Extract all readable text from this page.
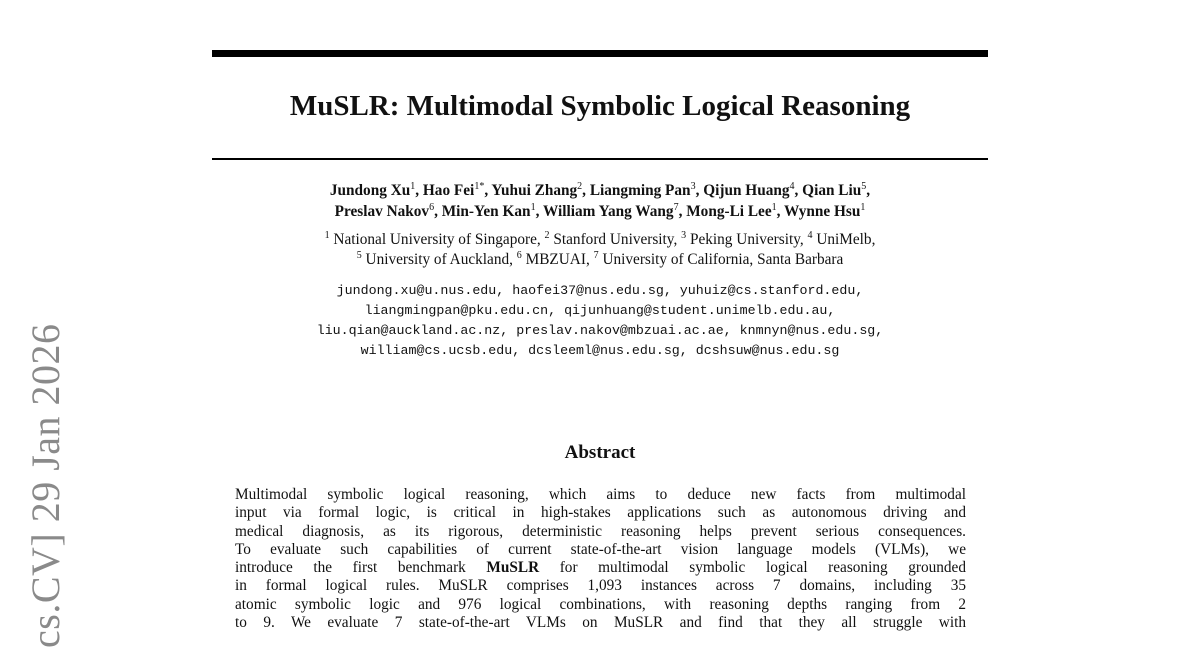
MuSLR: Multimodal Symbolic Logical Reasoning
Jundong Xu$^1$, Hao Fei$^{1*}$, Yuhui Zhang$^2$, Liangming Pan$^3$, Qijun Huang$^4$, Qian Liu$^5$,
Preslav Nakov$^6$, Min-Yen Kan$^1$, William Yang Wang$^7$, Mong-Li Lee$^1$, Wynne Hsu$^1$
$^1$ National University of Singapore, $^2$ Stanford University, $^3$ Peking University, $^4$ UniMelb,
$^5$ University of Auckland, $^6$ MBZUAI, $^7$ University of California, Santa Barbara
jundong.xu@u.nus.edu, haofei37@nus.edu.sg, yuhuiz@cs.stanford.edu,
liangmingpan@pku.edu.cn, qijunhuang@student.unimelb.edu.au,
liu.qian@auckland.ac.nz, preslav.nakov@mbzuai.ac.ae, knmnyn@nus.edu.sg,
william@cs.ucsb.edu, dcsleeml@nus.edu.sg, dcshsuw@nus.edu.sg
Abstract
Multimodal symbolic logical reasoning, which aims to deduce new facts from multimodal
input via formal logic, is critical in high-stakes applications such as autonomous driving and
medical diagnosis, as its rigorous, deterministic reasoning helps prevent serious consequences.
To evaluate such capabilities of current state-of-the-art vision language models (VLMs), we
introduce the first benchmark MuSLR for multimodal symbolic logical reasoning grounded
in formal logical rules. MuSLR comprises 1,093 instances across 7 domains, including 35
atomic symbolic logic and 976 logical combinations, with reasoning depths ranging from 2
to 9. We evaluate 7 state-of-the-art VLMs on MuSLR and find that they all struggle with
cs.CV] 29 Jan 2026
